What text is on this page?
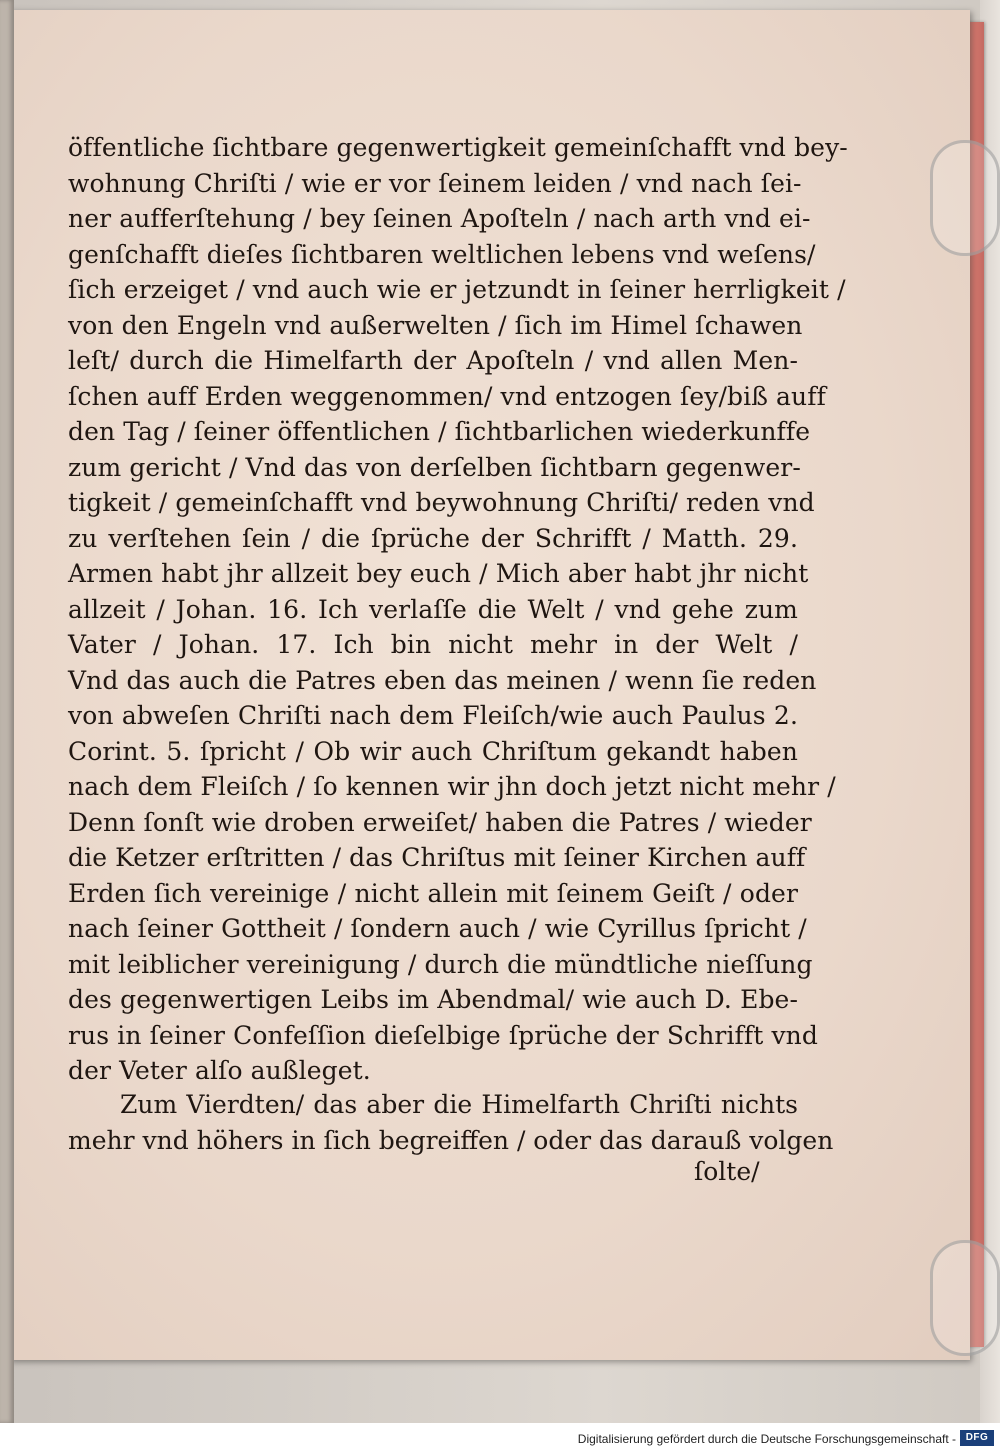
öffentliche ſichtbare gegenwertigkeit gemeinſchafft vnd bey-
wohnung Chriſti / wie er vor ſeinem leiden / vnd nach ſei-
ner aufferſtehung / bey ſeinen Apoſteln / nach arth vnd ei-
genſchafft dieſes ſichtbaren weltlichen lebens vnd weſens/
ſich erzeiget / vnd auch wie er jetzundt in ſeiner herrligkeit /
von den Engeln vnd außerwelten / ſich im Himel ſchawen
leſt/ durch die Himelfarth der Apoſteln / vnd allen Men-
ſchen auff Erden weggenommen/ vnd entzogen ſey/biß auff
den Tag / ſeiner öffentlichen / ſichtbarlichen wiederkunffe
zum gericht / Vnd das von derſelben ſichtbarn gegenwer-
tigkeit / gemeinſchafft vnd beywohnung Chriſti/ reden vnd
zu verſtehen ſein / die ſprüche der Schrifft / Matth. 29.
Armen habt jhr allzeit bey euch / Mich aber habt jhr nicht
allzeit / Johan. 16. Ich verlaſſe die Welt / vnd gehe zum
Vater / Johan. 17. Ich bin nicht mehr in der Welt /
Vnd das auch die Patres eben das meinen / wenn ſie reden
von abweſen Chriſti nach dem Fleiſch/wie auch Paulus 2.
Corint. 5. ſpricht / Ob wir auch Chriſtum gekandt haben
nach dem Fleiſch / ſo kennen wir jhn doch jetzt nicht mehr /
Denn ſonſt wie droben erweiſet/ haben die Patres / wieder
die Ketzer erſtritten / das Chriſtus mit ſeiner Kirchen auff
Erden ſich vereinige / nicht allein mit ſeinem Geiſt / oder
nach ſeiner Gottheit / ſondern auch / wie Cyrillus ſpricht /
mit leiblicher vereinigung / durch die mündtliche nieſſung
des gegenwertigen Leibs im Abendmal/ wie auch D. Ebe-
rus in ſeiner Confeſſion dieſelbige ſprüche der Schrifft vnd
der Veter alſo außleget.
Zum Vierdten/ das aber die Himelfarth Chriſti nichts
mehr vnd höhers in ſich begreiffen / oder das darauß volgen
ſolte/
Digitalisierung gefördert durch die Deutsche Forschungsgemeinschaft - DFG
